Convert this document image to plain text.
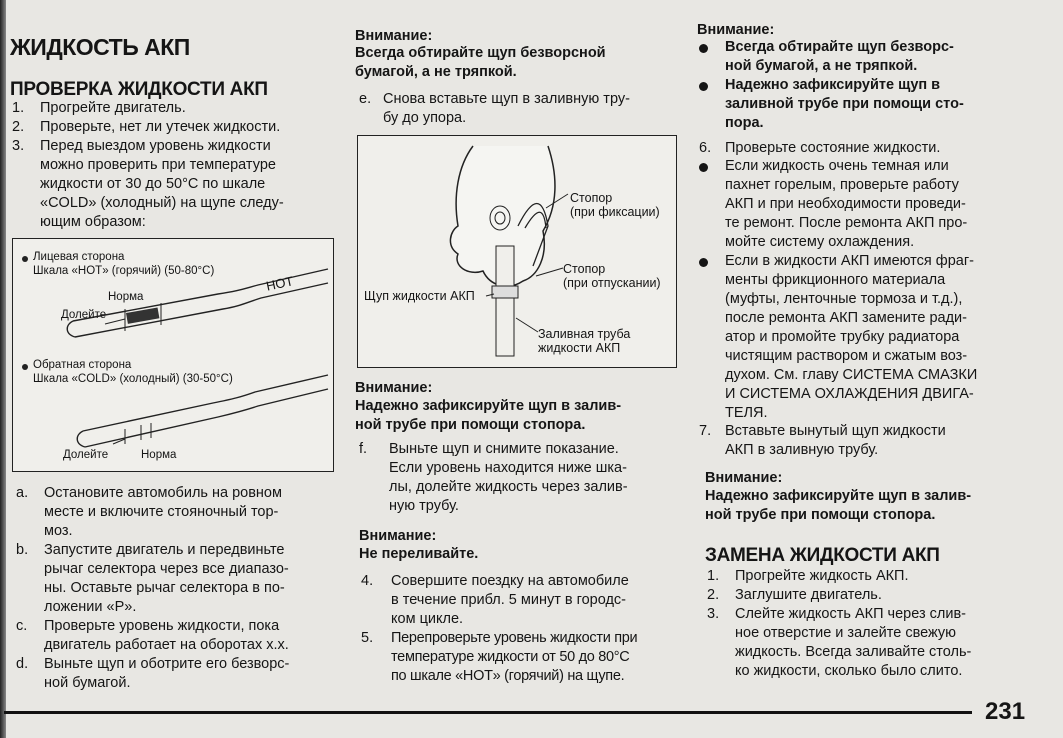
ЖИДКОСТЬ АКП
ПРОВЕРКА ЖИДКОСТИ АКП
1. Прогрейте двигатель.
2. Проверьте, нет ли утечек жидкости.
3. Перед выездом уровень жидкости
можно проверить при температуре
жидкости от 30 до 50°C по шкале
«COLD» (холодный) на щупе следу-
ющим образом:
Лицевая сторона
Шкала «HOT» (горячий) (50-80°C)
HOT
Норма
Долейте
Обратная сторона
Шкала «COLD» (холодный) (30-50°C)
Долейте	Норма
a. Остановите автомобиль на ровном
месте и включите стояночный тор-
моз.
b. Запустите двигатель и передвиньте
рычаг селектора через все диапазо-
ны. Оставьте рычаг селектора в по-
ложении «P».
c. Проверьте уровень жидкости, пока
двигатель работает на оборотах х.х.
d. Выньте щуп и оботрите его безворс-
ной бумагой.
Внимание:
Всегда обтирайте щуп безворсной
бумагой, а не тряпкой.
e. Снова вставьте щуп в заливную тру-
бу до упора.
Стопор
(при фиксации)
Стопор
(при отпускании)
Щуп жидкости АКП
Заливная труба
жидкости АКП
Внимание:
Надежно зафиксируйте щуп в залив-
ной трубе при помощи стопора.
f. Выньте щуп и снимите показание.
Если уровень находится ниже шка-
лы, долейте жидкость через залив-
ную трубу.
Внимание:
Не переливайте.
4. Совершите поездку на автомобиле
в течение прибл. 5 минут в городс-
ком цикле.
5. Перепроверьте уровень жидкости при
температуре жидкости от 50 до 80°C
по шкале «HOT» (горячий) на щупе.
Внимание:
Всегда обтирайте щуп безворс-
ной бумагой, а не тряпкой.
Надежно зафиксируйте щуп в
заливной трубе при помощи сто-
пора.
6. Проверьте состояние жидкости.
Если жидкость очень темная или
пахнет горелым, проверьте работу
АКП и при необходимости проведи-
те ремонт. После ремонта АКП про-
мойте систему охлаждения.
Если в жидкости АКП имеются фраг-
менты фрикционного материала
(муфты, ленточные тормоза и т.д.),
после ремонта АКП замените ради-
атор и промойте трубку радиатора
чистящим раствором и сжатым воз-
духом. См. главу СИСТЕМА СМАЗКИ
И СИСТЕМА ОХЛАЖДЕНИЯ ДВИГА-
ТЕЛЯ.
7. Вставьте вынутый щуп жидкости
АКП в заливную трубу.
Внимание:
Надежно зафиксируйте щуп в залив-
ной трубе при помощи стопора.
ЗАМЕНА ЖИДКОСТИ АКП
1. Прогрейте жидкость АКП.
2. Заглушите двигатель.
3. Слейте жидкость АКП через слив-
ное отверстие и залейте свежую
жидкость. Всегда заливайте столь-
ко жидкости, сколько было слито.
231
